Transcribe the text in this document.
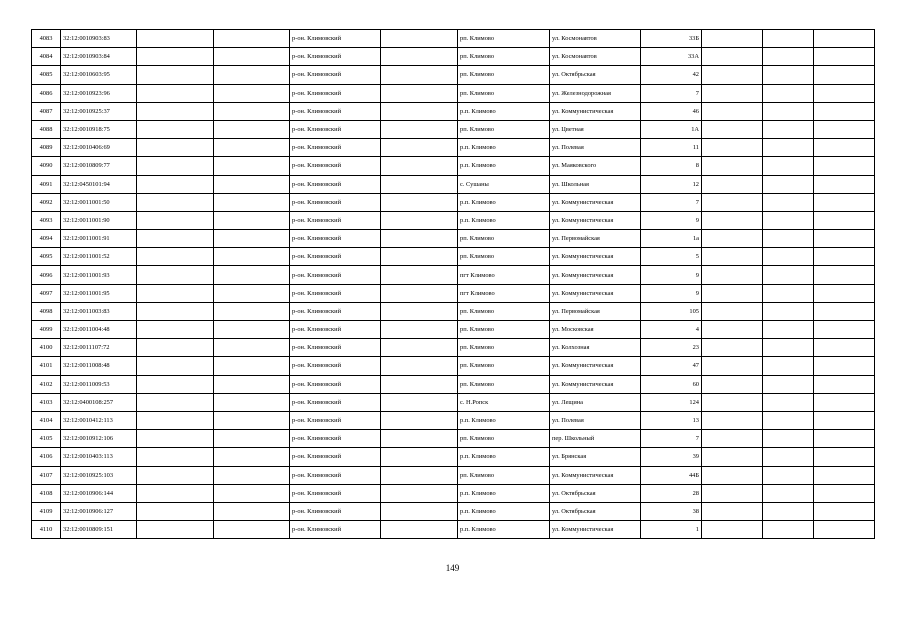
4083	32:12:0010903:83			р-он. Климовский		рп. Климово	ул. Космонавтов	33Б			
4084	32:12:0010903:84			р-он. Климовский		рп. Климово	ул. Космонавтов	33А			
4085	32:12:0010603:95			р-он. Климовский		рп. Климово	ул. Октябрьская	42			
4086	32:12:0010923:96			р-он. Климовский		рп. Климово	ул. Железнодорожная	7			
4087	32:12:0010925:37			р-он. Климовский		р.п. Климово	ул. Коммунистическая	46			
4088	32:12:0010918:75			р-он. Климовский		рп. Климово	ул. Цветная	1А			
4089	32:12:0010406:69			р-он. Климовский		р.п. Климово	ул. Полевая	11			
4090	32:12:0010809:77			р-он. Климовский		р.п. Климово	ул. Маяковского	8			
4091	32:12:0450101:94			р-он. Климовский		с. Сушаны	ул. Школьная	12			
4092	32:12:0011001:50			р-он. Климовский		р.п. Климово	ул. Коммунистическая	7			
4093	32:12:0011001:90			р-он. Климовский		р.п. Климово	ул. Коммунистическая	9			
4094	32:12:0011001:91			р-он. Климовский		рп. Климово	ул. Первомайская	1а			
4095	32:12:0011001:52			р-он. Климовский		рп. Климово	ул. Коммунистическая	5			
4096	32:12:0011001:93			р-он. Климовский		пгт Климово	ул. Коммунистическая	9			
4097	32:12:0011001:95			р-он. Климовский		пгт Климово	ул. Коммунистическая	9			
4098	32:12:0011003:83			р-он. Климовский		рп. Климово	ул. Первомайская	105			
4099	32:12:0011004:48			р-он. Климовский		рп. Климово	ул. Московская	4			
4100	32:12:0011107:72			р-он. Климовский		рп. Климово	ул. Колхозная	23			
4101	32:12:0011008:48			р-он. Климовский		рп. Климово	ул. Коммунистическая	47			
4102	32:12:0011009:53			р-он. Климовский		рп. Климово	ул. Коммунистическая	60			
4103	32:12:0400108:257			р-он. Климовский		с. Н.Ропск	ул. Лещина	124			
4104	32:12:0010412:113			р-он. Климовский		р.п. Климово	ул. Полевая	13			
4105	32:12:0010912:106			р-он. Климовский		рп. Климово	пер. Школьный	7			
4106	32:12:0010403:113			р-он. Климовский		р.п. Климово	ул. Брянская	39			
4107	32:12:0010925:103			р-он. Климовский		рп. Климово	ул. Коммунистическая	44Б			
4108	32:12:0010906:144			р-он. Климовский		р.п. Климово	ул. Октябрьская	28			
4109	32:12:0010906:127			р-он. Климовский		р.п. Климово	ул. Октябрьская	38			
4110	32:12:0010809:151			р-он. Климовский		р.п. Климово	ул. Коммунистическая	1			
149
